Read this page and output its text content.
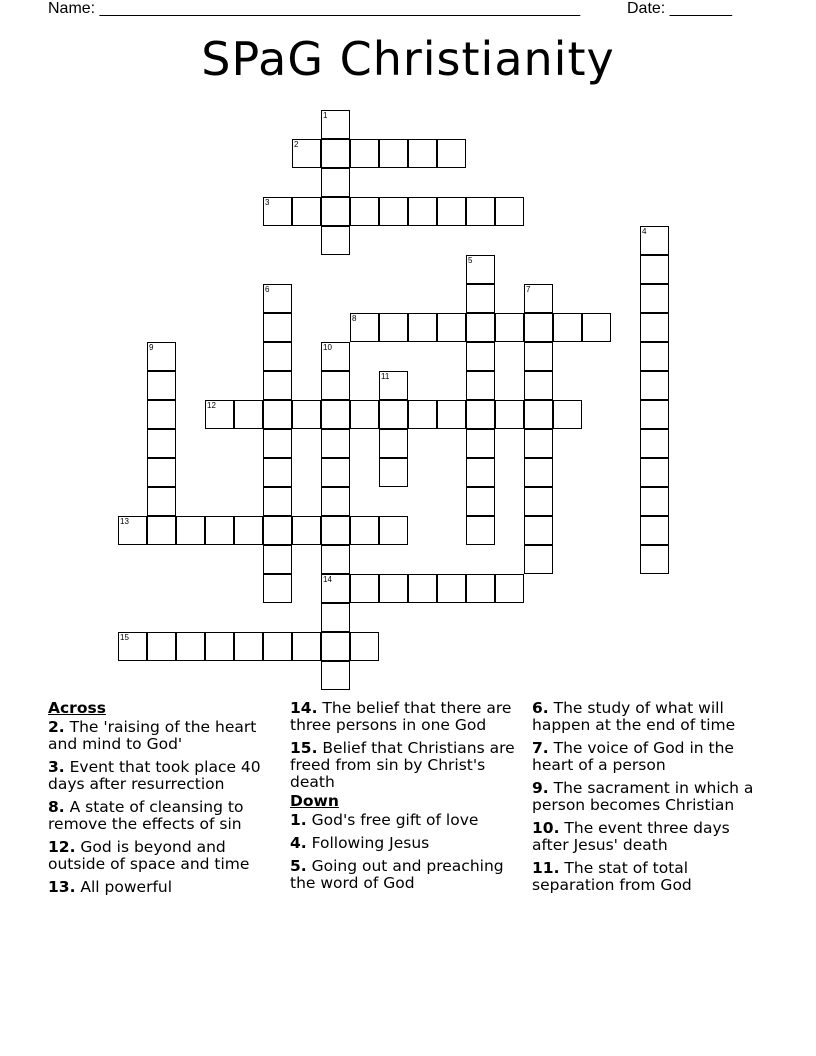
Name: ______________________________________________________	Date: _______
SPaG Christianity
1
2
3
4
5
6	7
8
9	10
14
11
12
13
15
Across
2. The 'raising of the heart and mind to God'
3. Event that took place 40 days after resurrection
8. A state of cleansing to remove the effects of sin
12. God is beyond and outside of space and time
13. All powerful
14. The belief that there are three persons in one God
15. Belief that Christians are freed from sin by Christ's death
Down
1. God's free gift of love
4. Following Jesus
5. Going out and preaching the word of God
6. The study of what will happen at the end of time
7. The voice of God in the heart of a person
9. The sacrament in which a person becomes Christian
10. The event three days after Jesus' death
11. The stat of total separation from God
